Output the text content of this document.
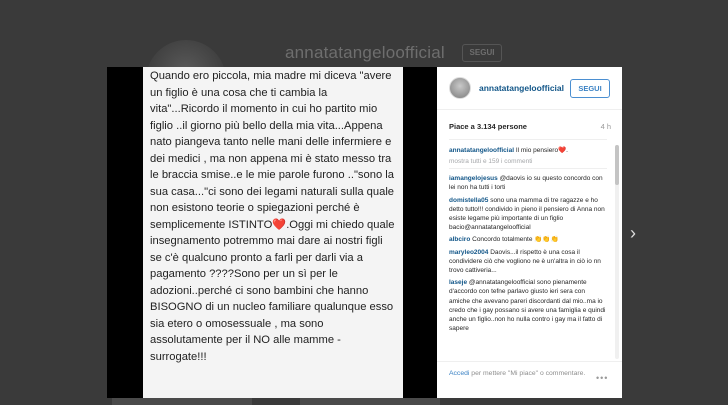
annatatangeloofficial	SEGUI
Quando ero piccola, mia madre mi diceva "avere un figlio è una cosa che ti cambia la vita"...Ricordo il momento in cui ho partito mio figlio ..il giorno più bello della mia vita...Appena nato piangeva tanto nelle mani delle infermiere e dei medici , ma non appena mi è stato messo tra le braccia smise..e le mie parole furono .."sono la sua casa..."ci sono dei legami naturali sulla quale non esistono teorie o spiegazioni perché è semplicemente ISTINTO❤️.Oggi mi chiedo quale insegnamento potremmo mai dare ai nostri figli se c'è qualcuno pronto a farli per darli via a pagamento ????Sono per un sì per le adozioni..perché ci sono bambini che hanno BISOGNO di un nucleo familiare qualunque esso sia etero o omosessuale , ma sono assolutamente per il NO alle mamme -surrogate!!!
annatatangeloofficial	SEGUI
Piace a 3.134 persone	4 h
annatatangeloofficial Il mio pensiero❤️.
mostra tutti e 159 i commenti
iamangelojesus @daovis io su questo concordo con lei non ha tutti i torti
domistella05 sono una mamma di tre ragazze e ho detto tutto!!! condivido in pieno il pensiero di Anna non esiste legame più importante di un figlio bacio@annatatangeloofficial
albciro Concordo totalmente 👏👏👏
maryleo2004 Daovis...il rispetto è una cosa il condividere ciò che vogliono ne è un'altra in ciò io nn trovo cattiveria...
laseje @annatatangeloofficial sono pienamente d'accordo con tefne parlavo giusto ieri sera con amiche che avevano pareri discordanti dal mio..ma io credo che i gay possano si avere una famiglia e quindi anche un figlio..non ho nulla contro i gay ma il fatto di sapere
Accedi per mettere "Mi piace" o commentare.	•••
›
